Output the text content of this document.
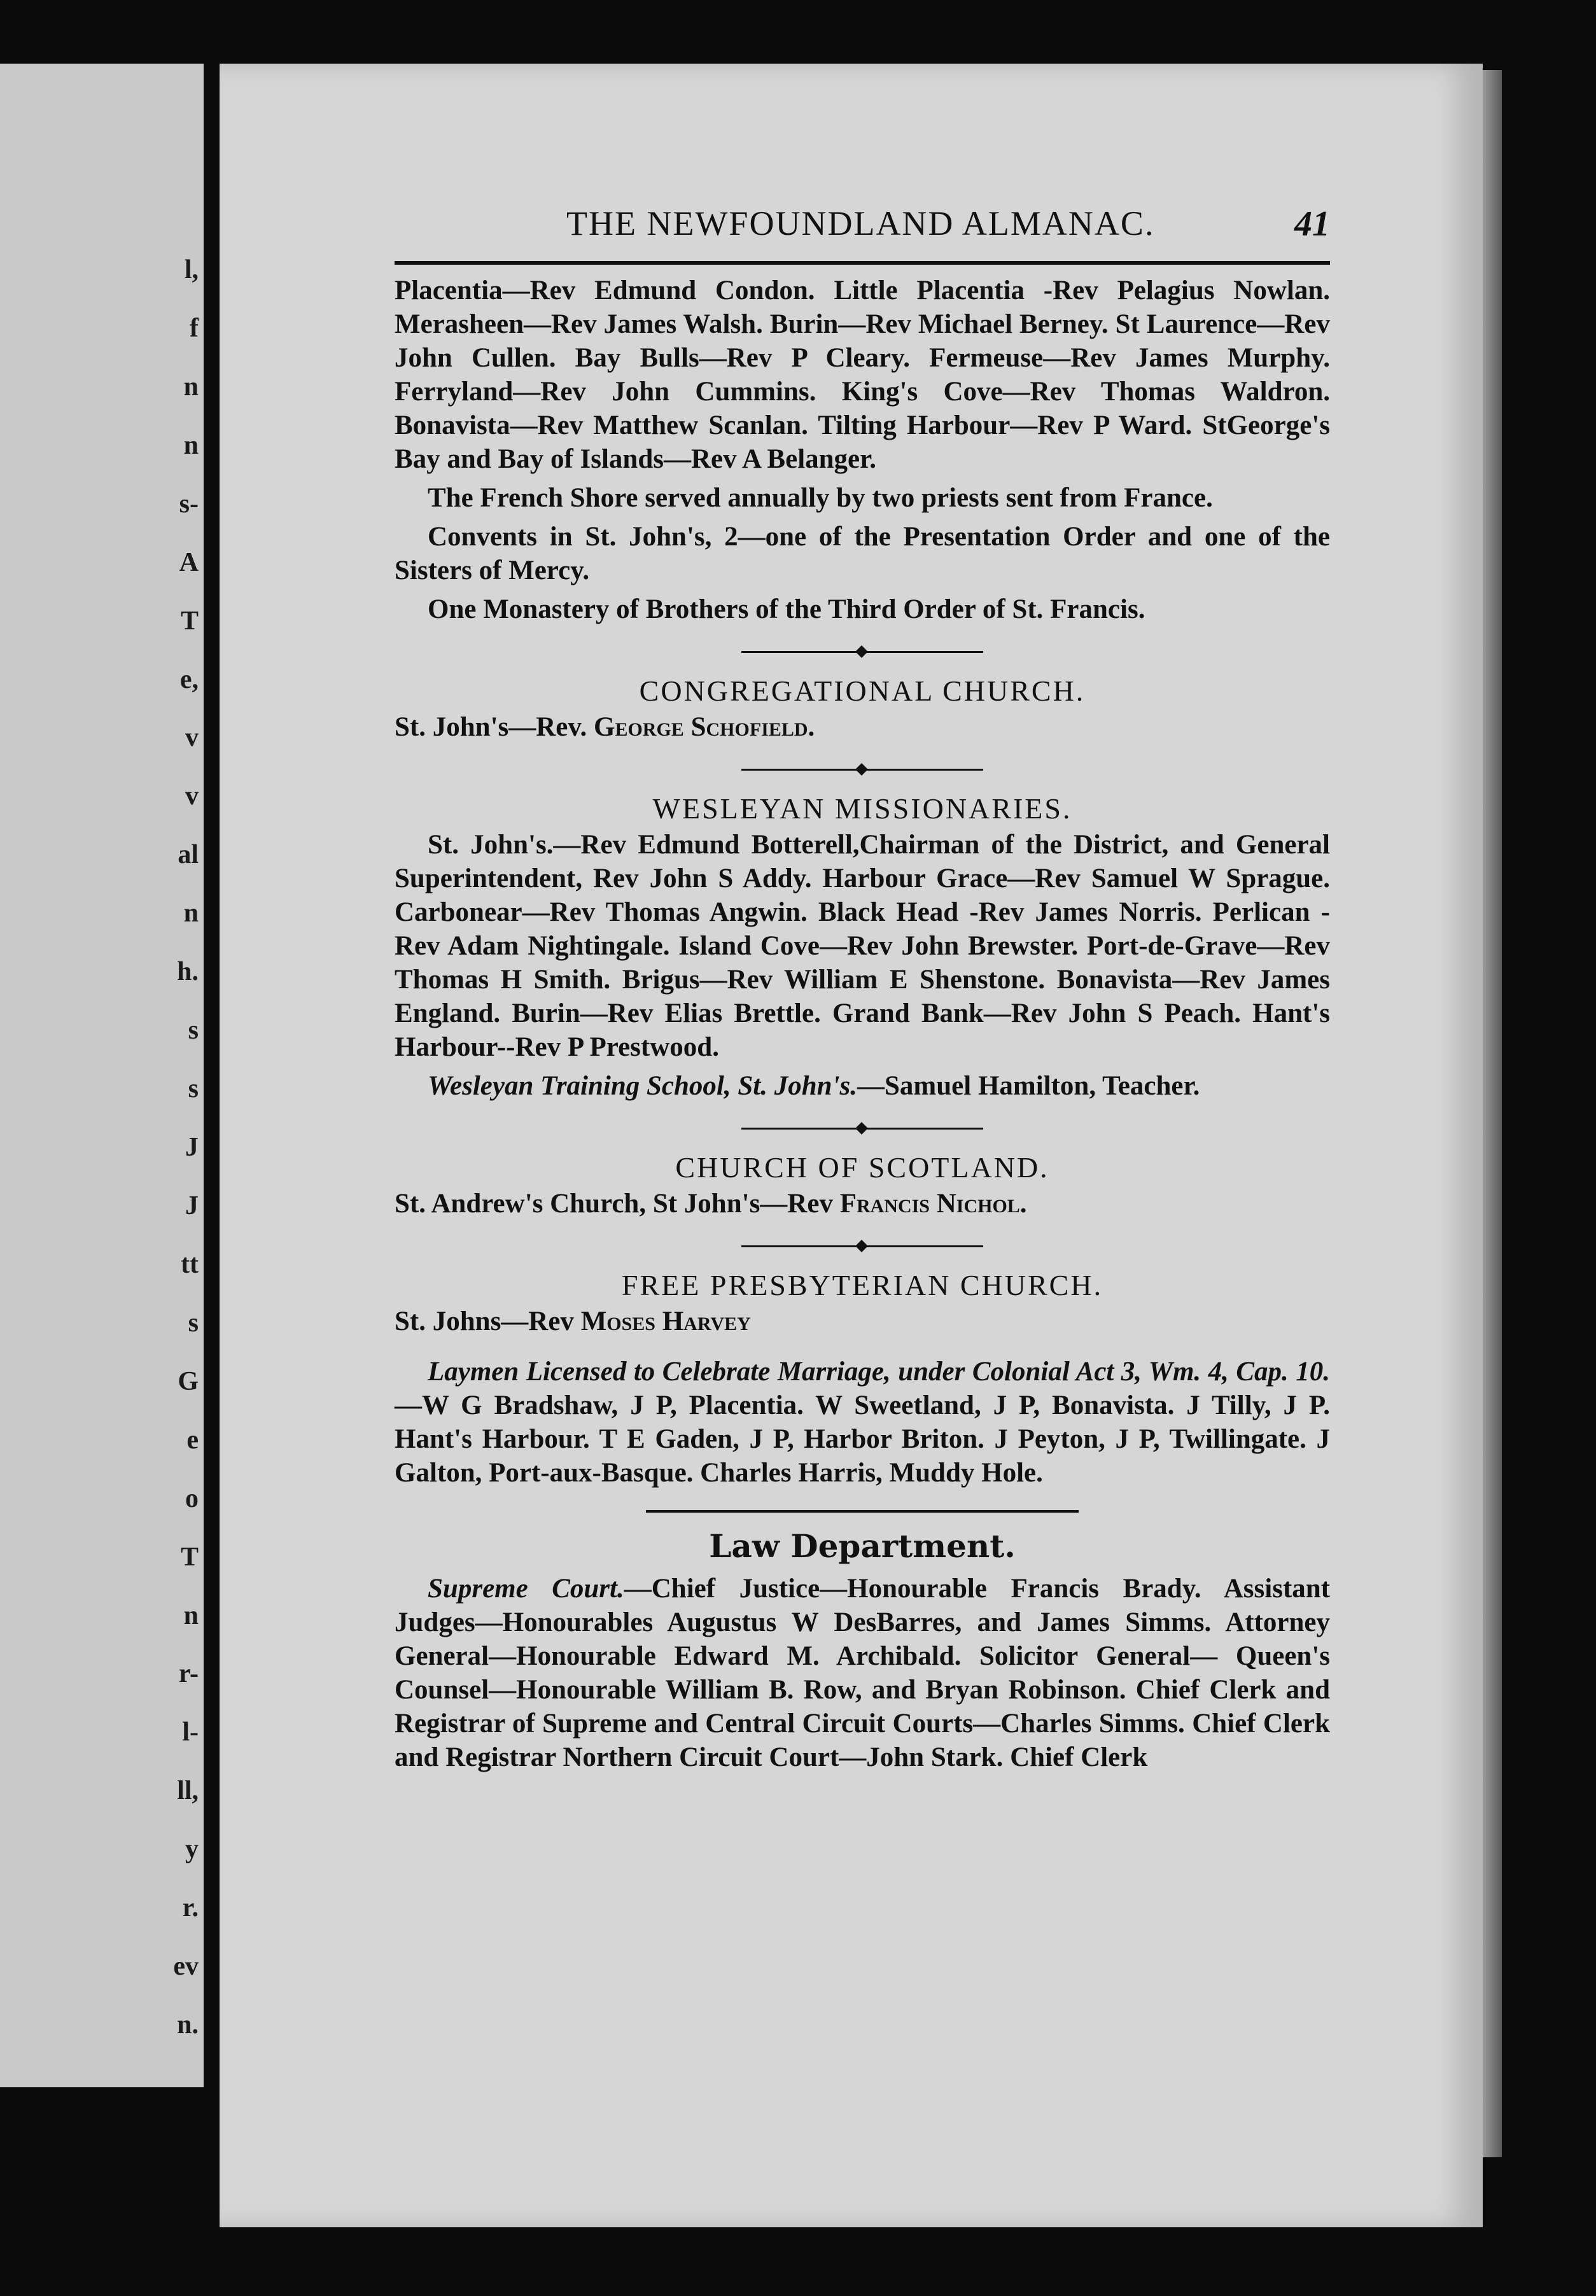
l,
f
n
n
s-
A
T
e,
v
v
al
n
h.
s
s
J
J
tt
s
G
e
o
T
n
r-
l-
ll,
y
r.
ev
n.
THE NEWFOUNDLAND ALMANAC.	41

Placentia—Rev Edmund Condon. Little Placentia -Rev Pelagius Nowlan. Merasheen—Rev James Walsh. Burin—Rev Michael Berney. St Laurence—Rev John Cullen. Bay Bulls—Rev P Cleary. Fermeuse—Rev James Murphy. Ferryland—Rev John Cummins. King's Cove—Rev Thomas Waldron. Bonavista—Rev Matthew Scanlan. Tilting Harbour—Rev P Ward. StGeorge's Bay and Bay of Islands—Rev A Belanger.

The French Shore served annually by two priests sent from France.

Convents in St. John's, 2—one of the Presentation Order and one of the Sisters of Mercy.

One Monastery of Brothers of the Third Order of St. Francis.

CONGREGATIONAL CHURCH.

St. John's—Rev. George Schofield.

WESLEYAN MISSIONARIES.

St. John's.—Rev Edmund Botterell,Chairman of the District, and General Superintendent, Rev John S Addy. Harbour Grace—Rev Samuel W Sprague. Carbonear—Rev Thomas Angwin. Black Head -Rev James Norris. Perlican -Rev Adam Nightingale. Island Cove—Rev John Brewster. Port-de-Grave—Rev Thomas H Smith. Brigus—Rev William E Shenstone. Bonavista—Rev James England. Burin—Rev Elias Brettle. Grand Bank—Rev John S Peach. Hant's Harbour--Rev P Prestwood.

Wesleyan Training School, St. John's.—Samuel Hamilton, Teacher.

CHURCH OF SCOTLAND.

St. Andrew's Church, St John's—Rev Francis Nichol.

FREE PRESBYTERIAN CHURCH.

St. Johns—Rev Moses Harvey

Laymen Licensed to Celebrate Marriage, under Colonial Act 3, Wm. 4, Cap. 10.—W G Bradshaw, J P, Placentia. W Sweetland, J P, Bonavista. J Tilly, J P. Hant's Harbour. T E Gaden, J P, Harbor Briton. J Peyton, J P, Twillingate. J Galton, Port-aux-Basque. Charles Harris, Muddy Hole.

Law Department.

Supreme Court.—Chief Justice—Honourable Francis Brady. Assistant Judges—Honourables Augustus W DesBarres, and James Simms. Attorney General—Honourable Edward M. Archibald. Solicitor General— Queen's Counsel—Honourable William B. Row, and Bryan Robinson. Chief Clerk and Registrar of Supreme and Central Circuit Courts—Charles Simms. Chief Clerk and Registrar Northern Circuit Court—John Stark. Chief Clerk
